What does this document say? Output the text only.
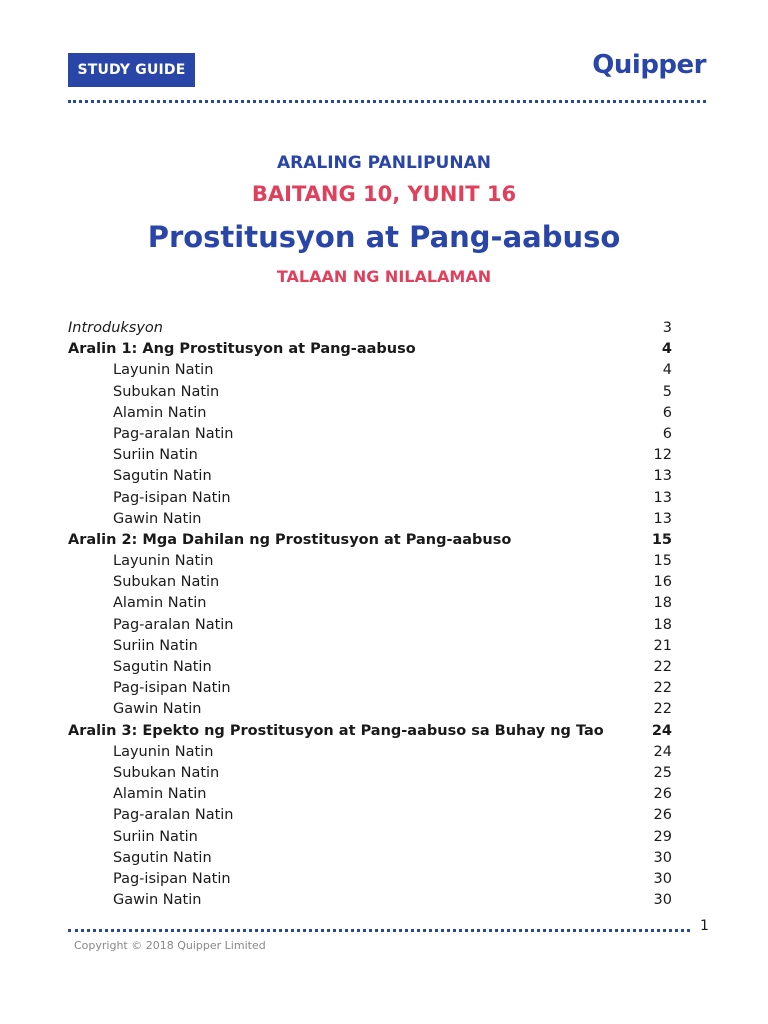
STUDY GUIDE	Quipper
ARALING PANLIPUNAN
BAITANG 10, YUNIT 16
Prostitusyon at Pang-aabuso
TALAAN NG NILALAMAN
Introduksyon	3
Aralin 1: Ang Prostitusyon at Pang-aabuso	4
Layunin Natin	4
Subukan Natin	5
Alamin Natin	6
Pag-aralan Natin	6
Suriin Natin	12
Sagutin Natin	13
Pag-isipan Natin	13
Gawin Natin	13
Aralin 2: Mga Dahilan ng Prostitusyon at Pang-aabuso	15
Layunin Natin	15
Subukan Natin	16
Alamin Natin	18
Pag-aralan Natin	18
Suriin Natin	21
Sagutin Natin	22
Pag-isipan Natin	22
Gawin Natin	22
Aralin 3: Epekto ng Prostitusyon at Pang-aabuso sa Buhay ng Tao	24
Layunin Natin	24
Subukan Natin	25
Alamin Natin	26
Pag-aralan Natin	26
Suriin Natin	29
Sagutin Natin	30
Pag-isipan Natin	30
Gawin Natin	30
1
Copyright © 2018 Quipper Limited
